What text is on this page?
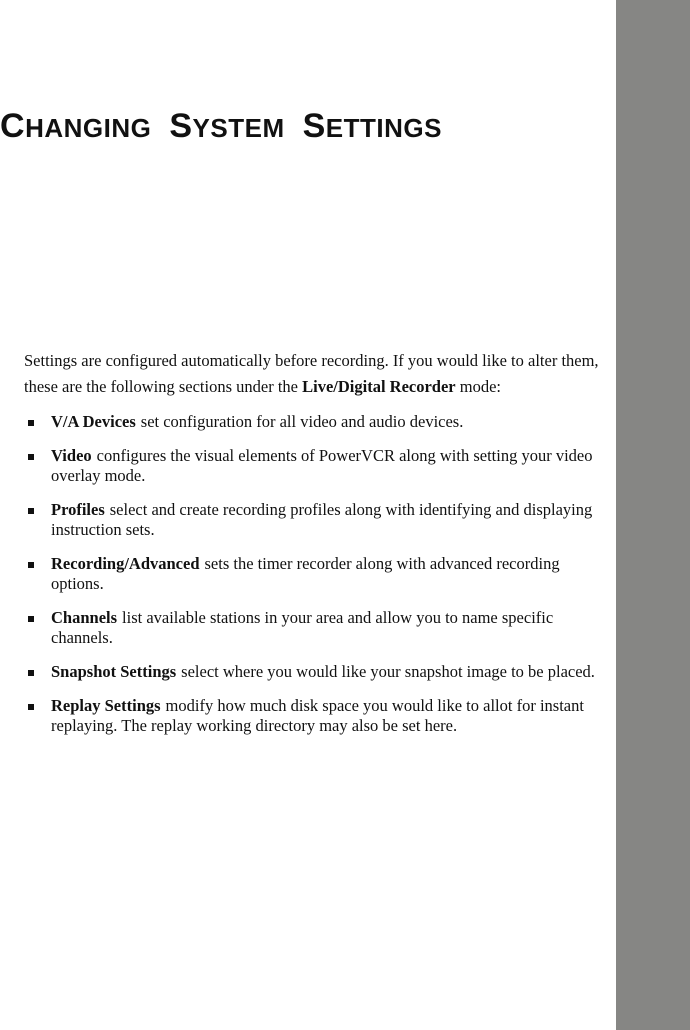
CHANGING SYSTEM SETTINGS

Settings are configured automatically before recording. If you would like to alter them, these are the following sections under the Live/Digital Recorder mode:

V/A Devices set configuration for all video and audio devices.
Video configures the visual elements of PowerVCR along with setting your video overlay mode.
Profiles select and create recording profiles along with identifying and displaying instruction sets.
Recording/Advanced sets the timer recorder along with advanced recording options.
Channels list available stations in your area and allow you to name specific channels.
Snapshot Settings select where you would like your snapshot image to be placed.
Replay Settings modify how much disk space you would like to allot for instant replaying. The replay working directory may also be set here.
